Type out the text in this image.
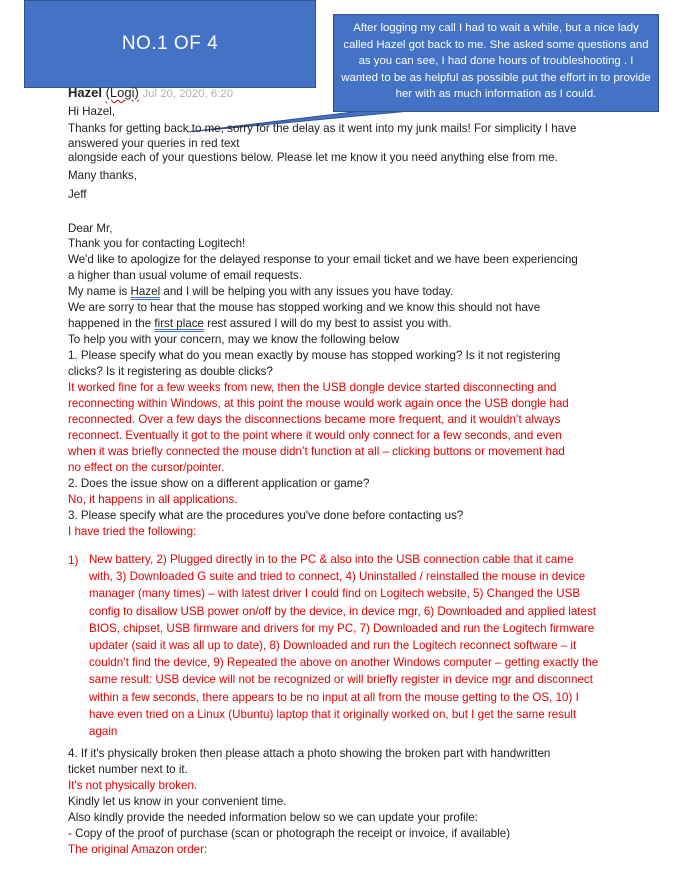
NO.1 OF 4
After logging my call I had to wait a while, but a nice lady called Hazel got back to me. She asked some questions and as you can see, I had done hours of troubleshooting . I wanted to be as helpful as possible put the effort in to provide her with as much information as I could.
Hazel (Logi) Jul 20, 2020, 6:20
Hi Hazel,
Thanks for getting back to me, sorry for the delay as it went into my junk mails! For simplicity I have
answered your queries in red text
alongside each of your questions below. Please let me know it you need anything else from me.
Many thanks,
Jeff
Dear Mr,
Thank you for contacting Logitech!
We'd like to apologize for the delayed response to your email ticket and we have been experiencing
a higher than usual volume of email requests.
My name is Hazel and I will be helping you with any issues you have today.
We are sorry to hear that the mouse has stopped working and we know this should not have
happened in the first place rest assured I will do my best to assist you with.
To help you with your concern, may we know the following below
1. Please specify what do you mean exactly by mouse has stopped working? Is it not registering
clicks? Is it registering as double clicks?
It worked fine for a few weeks from new, then the USB dongle device started disconnecting and
reconnecting within Windows, at this point the mouse would work again once the USB dongle had
reconnected. Over a few days the disconnections became more frequent, and it wouldn’t always
reconnect. Eventually it got to the point where it would only connect for a few seconds, and even
when it was briefly connected the mouse didn’t function at all – clicking buttons or movement had
no effect on the cursor/pointer.
2. Does the issue show on a different application or game?
No, it happens in all applications.
3. Please specify what are the procedures you've done before contacting us?
I have tried the following:
1) New battery, 2) Plugged directly in to the PC & also into the USB connection cable that it came with, 3) Downloaded G suite and tried to connect, 4) Uninstalled / reinstalled the mouse in device manager (many times) – with latest driver I could find on Logitech website, 5) Changed the USB config to disallow USB power on/off by the device, in device mgr, 6) Downloaded and applied latest BIOS, chipset, USB firmware and drivers for my PC, 7) Downloaded and run the Logitech firmware updater (said it was all up to date), 8) Downloaded and run the Logitech reconnect software – it couldn’t find the device, 9) Repeated the above on another Windows computer – getting exactly the same result: USB device will not be recognized or will briefly register in device mgr and disconnect within a few seconds, there appears to be no input at all from the mouse getting to the OS, 10) I have even tried on a Linux (Ubuntu) laptop that it originally worked on, but I get the same result again
4. If it's physically broken then please attach a photo showing the broken part with handwritten
ticket number next to it.
It's not physically broken.
Kindly let us know in your convenient time.
Also kindly provide the needed information below so we can update your profile:
- Copy of the proof of purchase (scan or photograph the receipt or invoice, if available)
The original Amazon order:
